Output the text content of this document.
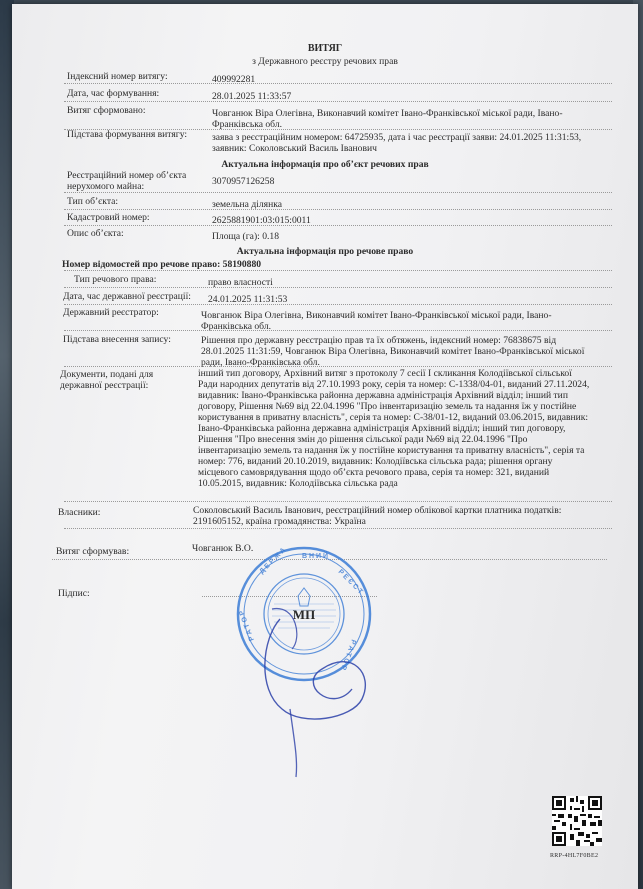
ВИТЯГ
з Державного реєстру речових прав
Індексний номер витягу:	409992281
Дата, час формування:	28.01.2025 11:33:57
Витяг сформовано:	Човганюк Віра Олегівна, Виконавчий комітет Івано-Франківської міської ради, Івано-Франківська обл.
Підстава формування витягу:	заява з реєстраційним номером: 64725935, дата і час реєстрації заяви: 24.01.2025 11:31:53, заявник: Соколовський Василь Іванович
Актуальна інформація про об’єкт речових прав
Реєстраційний номер об’єкта нерухомого майна:	3070957126258
Тип об’єкта:	земельна ділянка
Кадастровий номер:	2625881901:03:015:0011
Опис об’єкта:	Площа (га): 0.18
Актуальна інформація про речове право
Номер відомостей про речове право: 58190880
Тип речового права:	право власності
Дата, час державної реєстрації:	24.01.2025 11:31:53
Державний реєстратор:	Човганюк Віра Олегівна, Виконавчий комітет Івано-Франківської міської ради, Івано-Франківська обл.
Підстава внесення запису:	Рішення про державну реєстрацію прав та їх обтяжень, індексний номер: 76838675 від 28.01.2025 11:31:59, Човганюк Віра Олегівна, Виконавчий комітет Івано-Франківської міської ради, Івано-Франківська обл.
Документи, подані для державної реєстрації:
інший тип договору, Архівний витяг з протоколу 7 сесії I скликання Колодіївської сільської Ради народних депутатів від 27.10.1993 року, серія та номер: С-1338/04-01, виданий 27.11.2024, видавник: Івано-Франківська районна державна адміністрація Архівний відділ; інший тип договору, Рішення №69 від 22.04.1996 "Про інвентаризацію земель та надання їж у постійне користування в приватну власність", серія та номер: С-38/01-12, виданий 03.06.2015, видавник: Івано-Франківська районна державна адміністрація Архівний відділ; інший тип договору, Рішення "Про внесення змін до рішення сільської ради №69 від 22.04.1996 "Про інвентаризацію земель та надання їж у постійне користування та приватну власність", серія та номер: 776, виданий 20.10.2019, видавник: Колодіївська сільська рада; рішення органу місцевого самоврядування щодо об’єкта речового права, серія та номер: 321, виданий 10.05.2015, видавник: Колодіївська сільська рада
Власники:	Соколовський Василь Іванович, реєстраційний номер облікової картки платника податків: 2191605152, країна громадянства: Україна
Витяг сформував:	Човганюк В.О.
Підпис:
МП
Д Е Р Ж А В Н И Й
Р Е Є С Т
Р А Т О Р
Р А Т О Р
RRP-4HL7F0BE2
